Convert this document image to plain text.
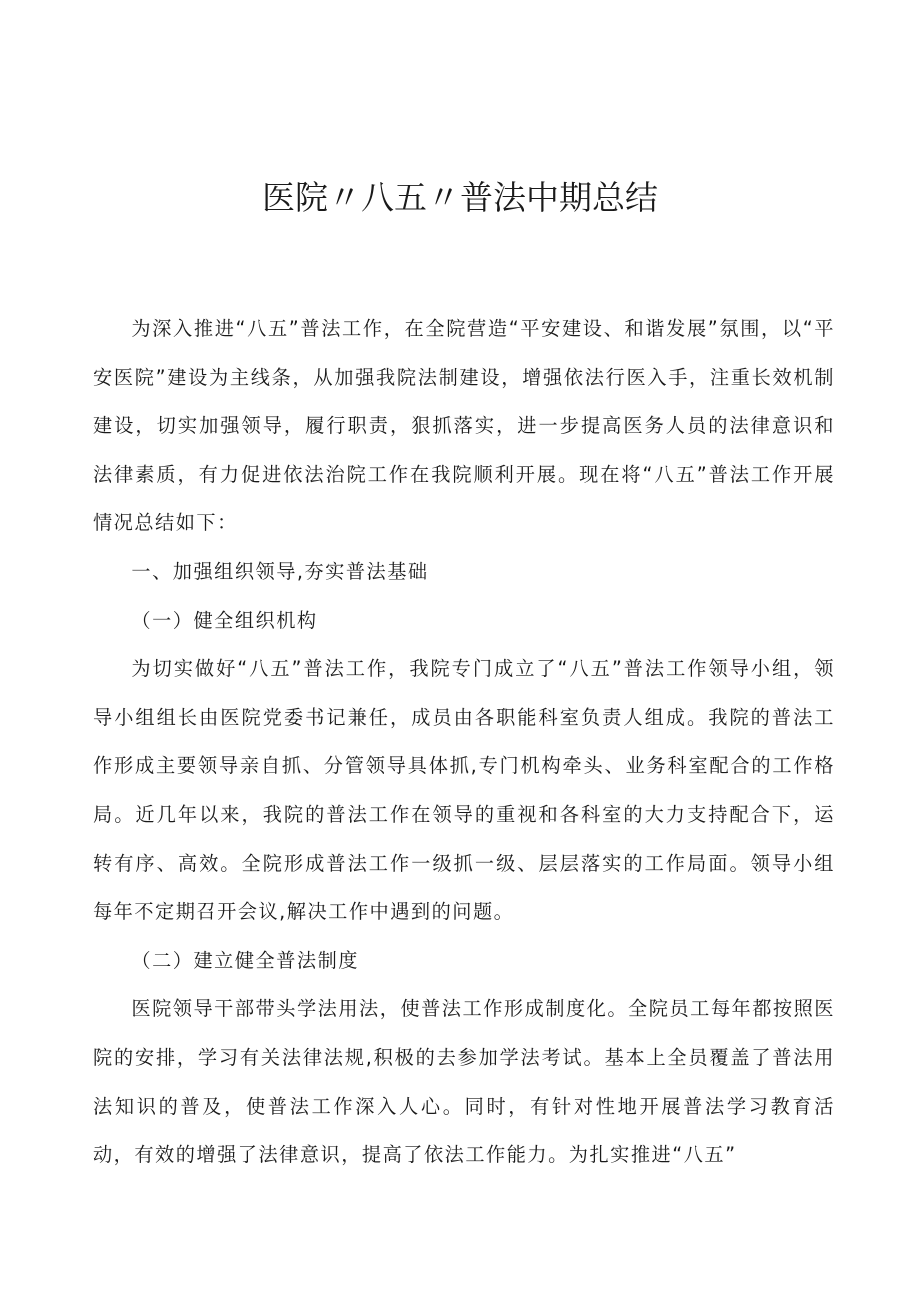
医院〃八五〃普法中期总结

为深入推进“八五”普法工作，在全院营造“平安建设、和谐发展”氛围，以“平安医院”建设为主线条，从加强我院法制建设，增强依法行医入手，注重长效机制建设，切实加强领导，履行职责，狠抓落实，进一步提高医务人员的法律意识和法律素质，有力促进依法治院工作在我院顺利开展。现在将“八五”普法工作开展情况总结如下：

一、加强组织领导,夯实普法基础

（一）健全组织机构

为切实做好“八五”普法工作，我院专门成立了“八五”普法工作领导小组，领导小组组长由医院党委书记兼任，成员由各职能科室负责人组成。我院的普法工作形成主要领导亲自抓、分管领导具体抓,专门机构牵头、业务科室配合的工作格局。近几年以来，我院的普法工作在领导的重视和各科室的大力支持配合下，运转有序、高效。全院形成普法工作一级抓一级、层层落实的工作局面。领导小组每年不定期召开会议,解决工作中遇到的问题。

（二）建立健全普法制度

医院领导干部带头学法用法，使普法工作形成制度化。全院员工每年都按照医院的安排，学习有关法律法规,积极的去参加学法考试。基本上全员覆盖了普法用法知识的普及，使普法工作深入人心。同时，有针对性地开展普法学习教育活动，有效的增强了法律意识，提高了依法工作能力。为扎实推进“八五”
